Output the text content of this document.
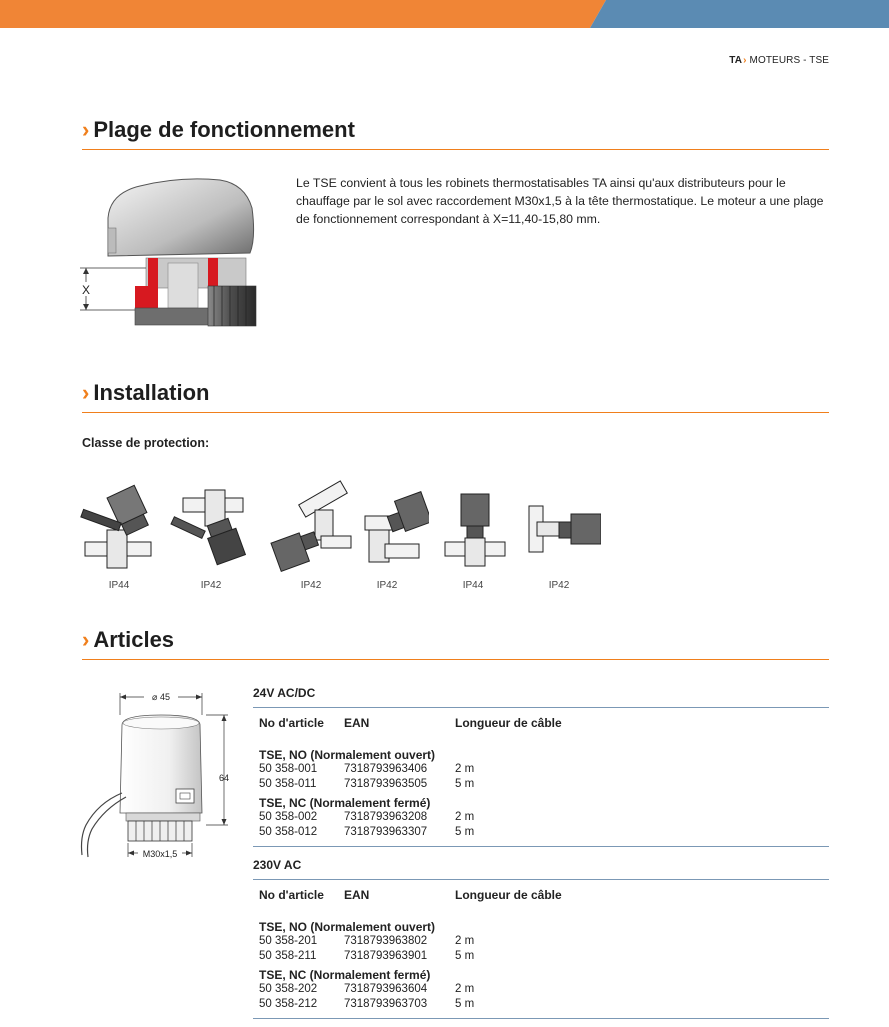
TA› MOTEURS - TSE
› Plage de fonctionnement
X
Le TSE convient à tous les robinets thermostatisables TA ainsi qu'aux distributeurs pour le chauffage par le sol avec raccordement M30x1,5 à la tête thermostatique. Le moteur a une plage de fonctionnement correspondant à X=11,40-15,80 mm.
› Installation
Classe de protection:
IP44	IP42	IP42	IP42	IP44	IP42
› Articles
⌀ 45
64
M30x1,5
24V AC/DC
No d'article EAN	Longueur de câble
TSE, NO (Normalement ouvert)
50 358-001 7318793963406 2 m
50 358-011 7318793963505 5 m
TSE, NC (Normalement fermé)
50 358-002 7318793963208 2 m
50 358-012 7318793963307 5 m
230V AC
No d'article EAN	Longueur de câble
TSE, NO (Normalement ouvert)
50 358-201 7318793963802 2 m
50 358-211 7318793963901 5 m
TSE, NC (Normalement fermé)
50 358-202 7318793963604 2 m
50 358-212 7318793963703 5 m
